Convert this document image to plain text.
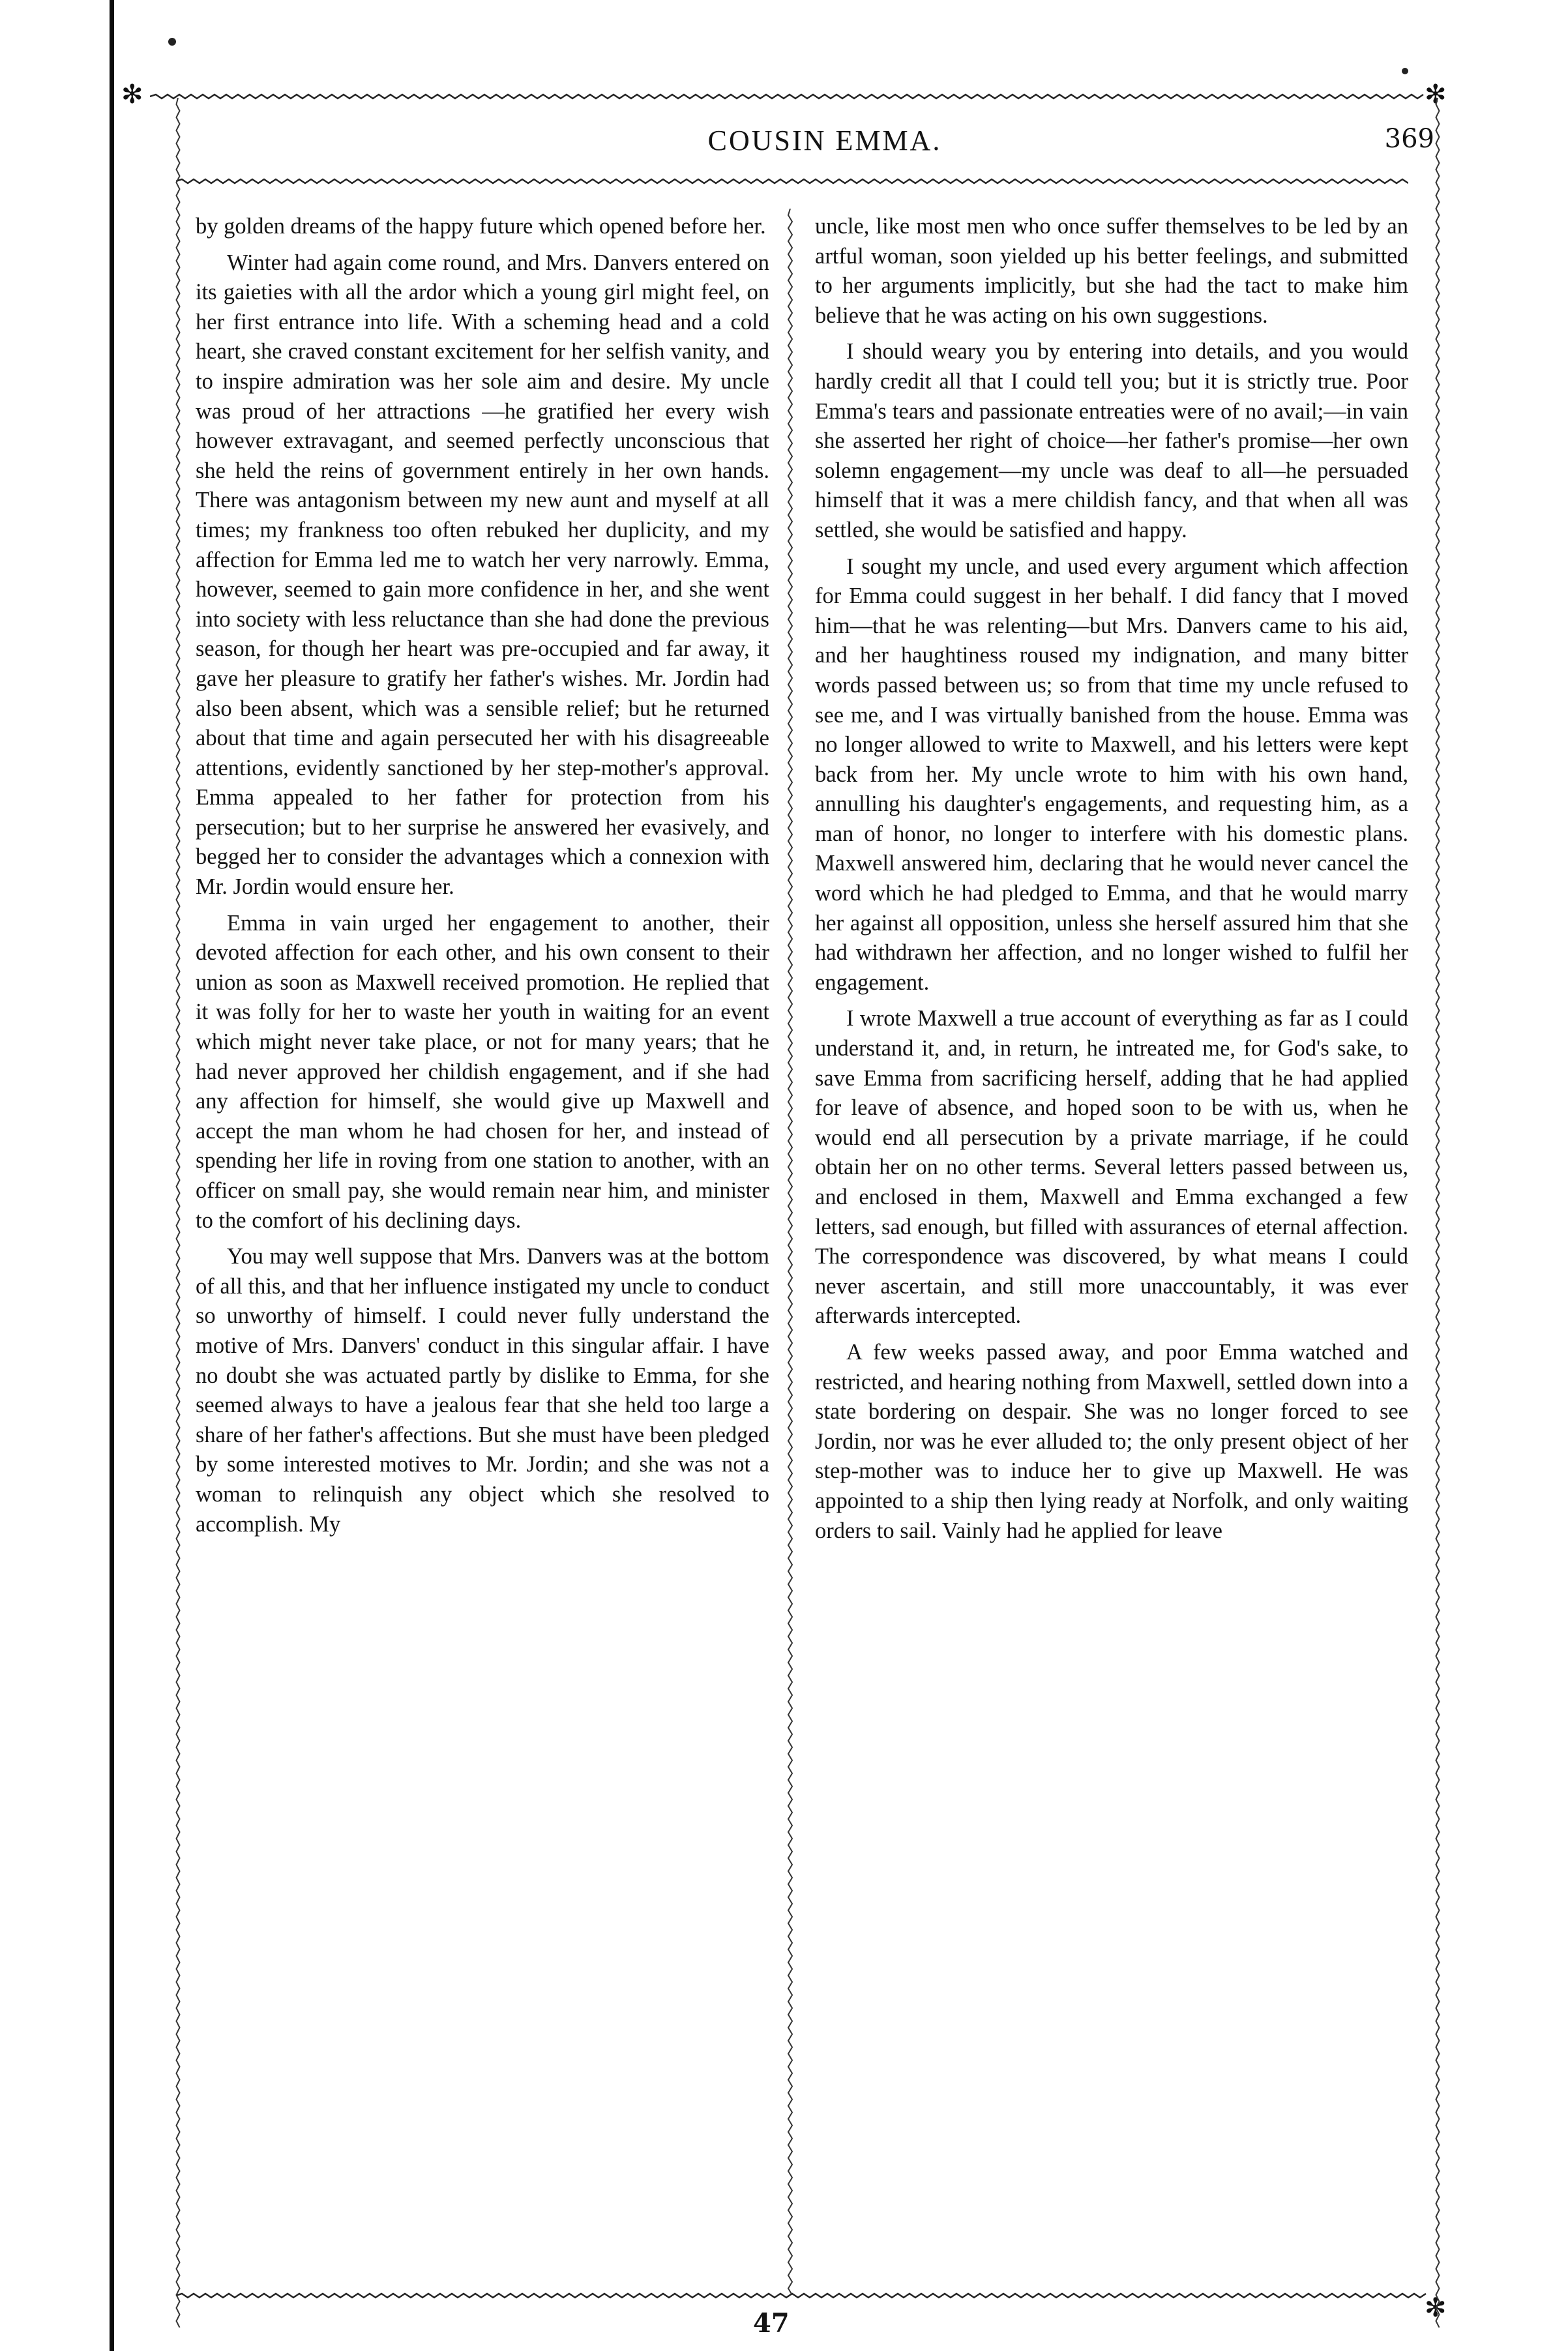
✻	✻
✻
COUSIN EMMA.	369

by golden dreams of the happy future which opened before her.

Winter had again come round, and Mrs. Danvers entered on its gaieties with all the ardor which a young girl might feel, on her first entrance into life. With a scheming head and a cold heart, she craved constant excitement for her selfish vanity, and to inspire admiration was her sole aim and desire. My uncle was proud of her attractions —he gratified her every wish however extravagant, and seemed perfectly unconscious that she held the reins of government entirely in her own hands. There was antagonism between my new aunt and myself at all times; my frankness too often rebuked her duplicity, and my affection for Emma led me to watch her very narrowly. Emma, however, seemed to gain more confidence in her, and she went into society with less reluctance than she had done the previous season, for though her heart was pre-occupied and far away, it gave her pleasure to gratify her father's wishes. Mr. Jordin had also been absent, which was a sensible relief; but he returned about that time and again persecuted her with his disagreeable attentions, evidently sanctioned by her step-mother's approval. Emma appealed to her father for protection from his persecution; but to her surprise he answered her evasively, and begged her to consider the advantages which a connexion with Mr. Jordin would ensure her.

Emma in vain urged her engagement to another, their devoted affection for each other, and his own consent to their union as soon as Maxwell received promotion. He replied that it was folly for her to waste her youth in waiting for an event which might never take place, or not for many years; that he had never approved her childish engagement, and if she had any affection for himself, she would give up Maxwell and accept the man whom he had chosen for her, and instead of spending her life in roving from one station to another, with an officer on small pay, she would remain near him, and minister to the comfort of his declining days.

You may well suppose that Mrs. Danvers was at the bottom of all this, and that her influence instigated my uncle to conduct so unworthy of himself. I could never fully understand the motive of Mrs. Danvers' conduct in this singular affair. I have no doubt she was actuated partly by dislike to Emma, for she seemed always to have a jealous fear that she held too large a share of her father's affections. But she must have been pledged by some interested motives to Mr. Jordin; and she was not a woman to relinquish any object which she resolved to accomplish. My

uncle, like most men who once suffer themselves to be led by an artful woman, soon yielded up his better feelings, and submitted to her arguments implicitly, but she had the tact to make him believe that he was acting on his own suggestions.

I should weary you by entering into details, and you would hardly credit all that I could tell you; but it is strictly true. Poor Emma's tears and passionate entreaties were of no avail;—in vain she asserted her right of choice—her father's promise—her own solemn engagement—my uncle was deaf to all—he persuaded himself that it was a mere childish fancy, and that when all was settled, she would be satisfied and happy.

I sought my uncle, and used every argument which affection for Emma could suggest in her behalf. I did fancy that I moved him—that he was relenting—but Mrs. Danvers came to his aid, and her haughtiness roused my indignation, and many bitter words passed between us; so from that time my uncle refused to see me, and I was virtually banished from the house. Emma was no longer allowed to write to Maxwell, and his letters were kept back from her. My uncle wrote to him with his own hand, annulling his daughter's engagements, and requesting him, as a man of honor, no longer to interfere with his domestic plans. Maxwell answered him, declaring that he would never cancel the word which he had pledged to Emma, and that he would marry her against all opposition, unless she herself assured him that she had withdrawn her affection, and no longer wished to fulfil her engagement.

I wrote Maxwell a true account of everything as far as I could understand it, and, in return, he intreated me, for God's sake, to save Emma from sacrificing herself, adding that he had applied for leave of absence, and hoped soon to be with us, when he would end all persecution by a private marriage, if he could obtain her on no other terms. Several letters passed between us, and enclosed in them, Maxwell and Emma exchanged a few letters, sad enough, but filled with assurances of eternal affection. The correspondence was discovered, by what means I could never ascertain, and still more unaccountably, it was ever afterwards intercepted.

A few weeks passed away, and poor Emma watched and restricted, and hearing nothing from Maxwell, settled down into a state bordering on despair. She was no longer forced to see Jordin, nor was he ever alluded to; the only present object of her step-mother was to induce her to give up Maxwell. He was appointed to a ship then lying ready at Norfolk, and only waiting orders to sail. Vainly had he applied for leave

47
